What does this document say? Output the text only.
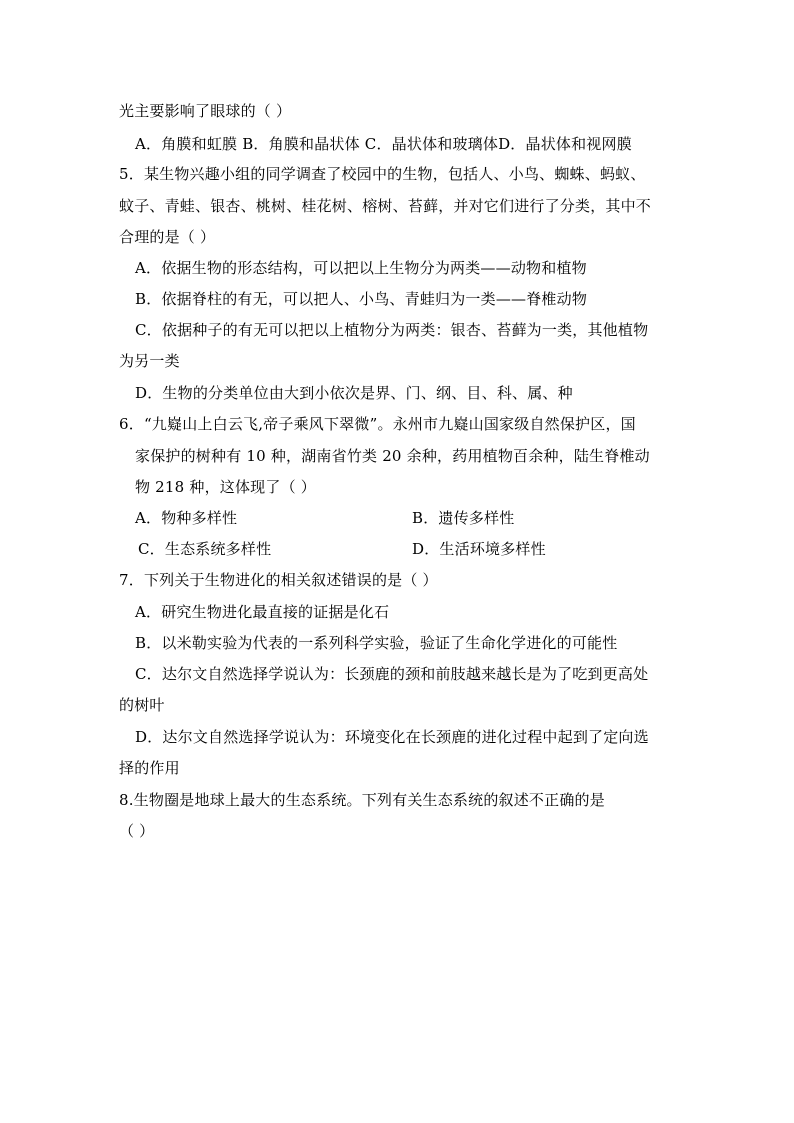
光主要影响了眼球的（ ）
A．角膜和虹膜 B．角膜和晶状体 C．晶状体和玻璃体D．晶状体和视网膜
5．某生物兴趣小组的同学调查了校园中的生物，包括人、小鸟、蜘蛛、蚂蚁、
蚊子、青蛙、银杏、桃树、桂花树、榕树、苔藓，并对它们进行了分类，其中不
合理的是（ ）
A．依据生物的形态结构，可以把以上生物分为两类——动物和植物
B．依据脊柱的有无，可以把人、小鸟、青蛙归为一类——脊椎动物
C．依据种子的有无可以把以上植物分为两类：银杏、苔藓为一类，其他植物
为另一类
D．生物的分类单位由大到小依次是界、门、纲、目、科、属、种
6．“九嶷山上白云飞,帝子乘风下翠微”。永州市九嶷山国家级自然保护区，国
家保护的树种有 10 种，湖南省竹类 20 余种，药用植物百余种，陆生脊椎动
物 218 种，这体现了（ ）
A．物种多样性	B．遗传多样性
C．生态系统多样性	D．生活环境多样性
7．下列关于生物进化的相关叙述错误的是（ ）
A．研究生物进化最直接的证据是化石
B．以米勒实验为代表的一系列科学实验，验证了生命化学进化的可能性
C．达尔文自然选择学说认为：长颈鹿的颈和前肢越来越长是为了吃到更高处
的树叶
D．达尔文自然选择学说认为：环境变化在长颈鹿的进化过程中起到了定向选
择的作用
8.生物圈是地球上最大的生态系统。下列有关生态系统的叙述不正确的是
（ ）
